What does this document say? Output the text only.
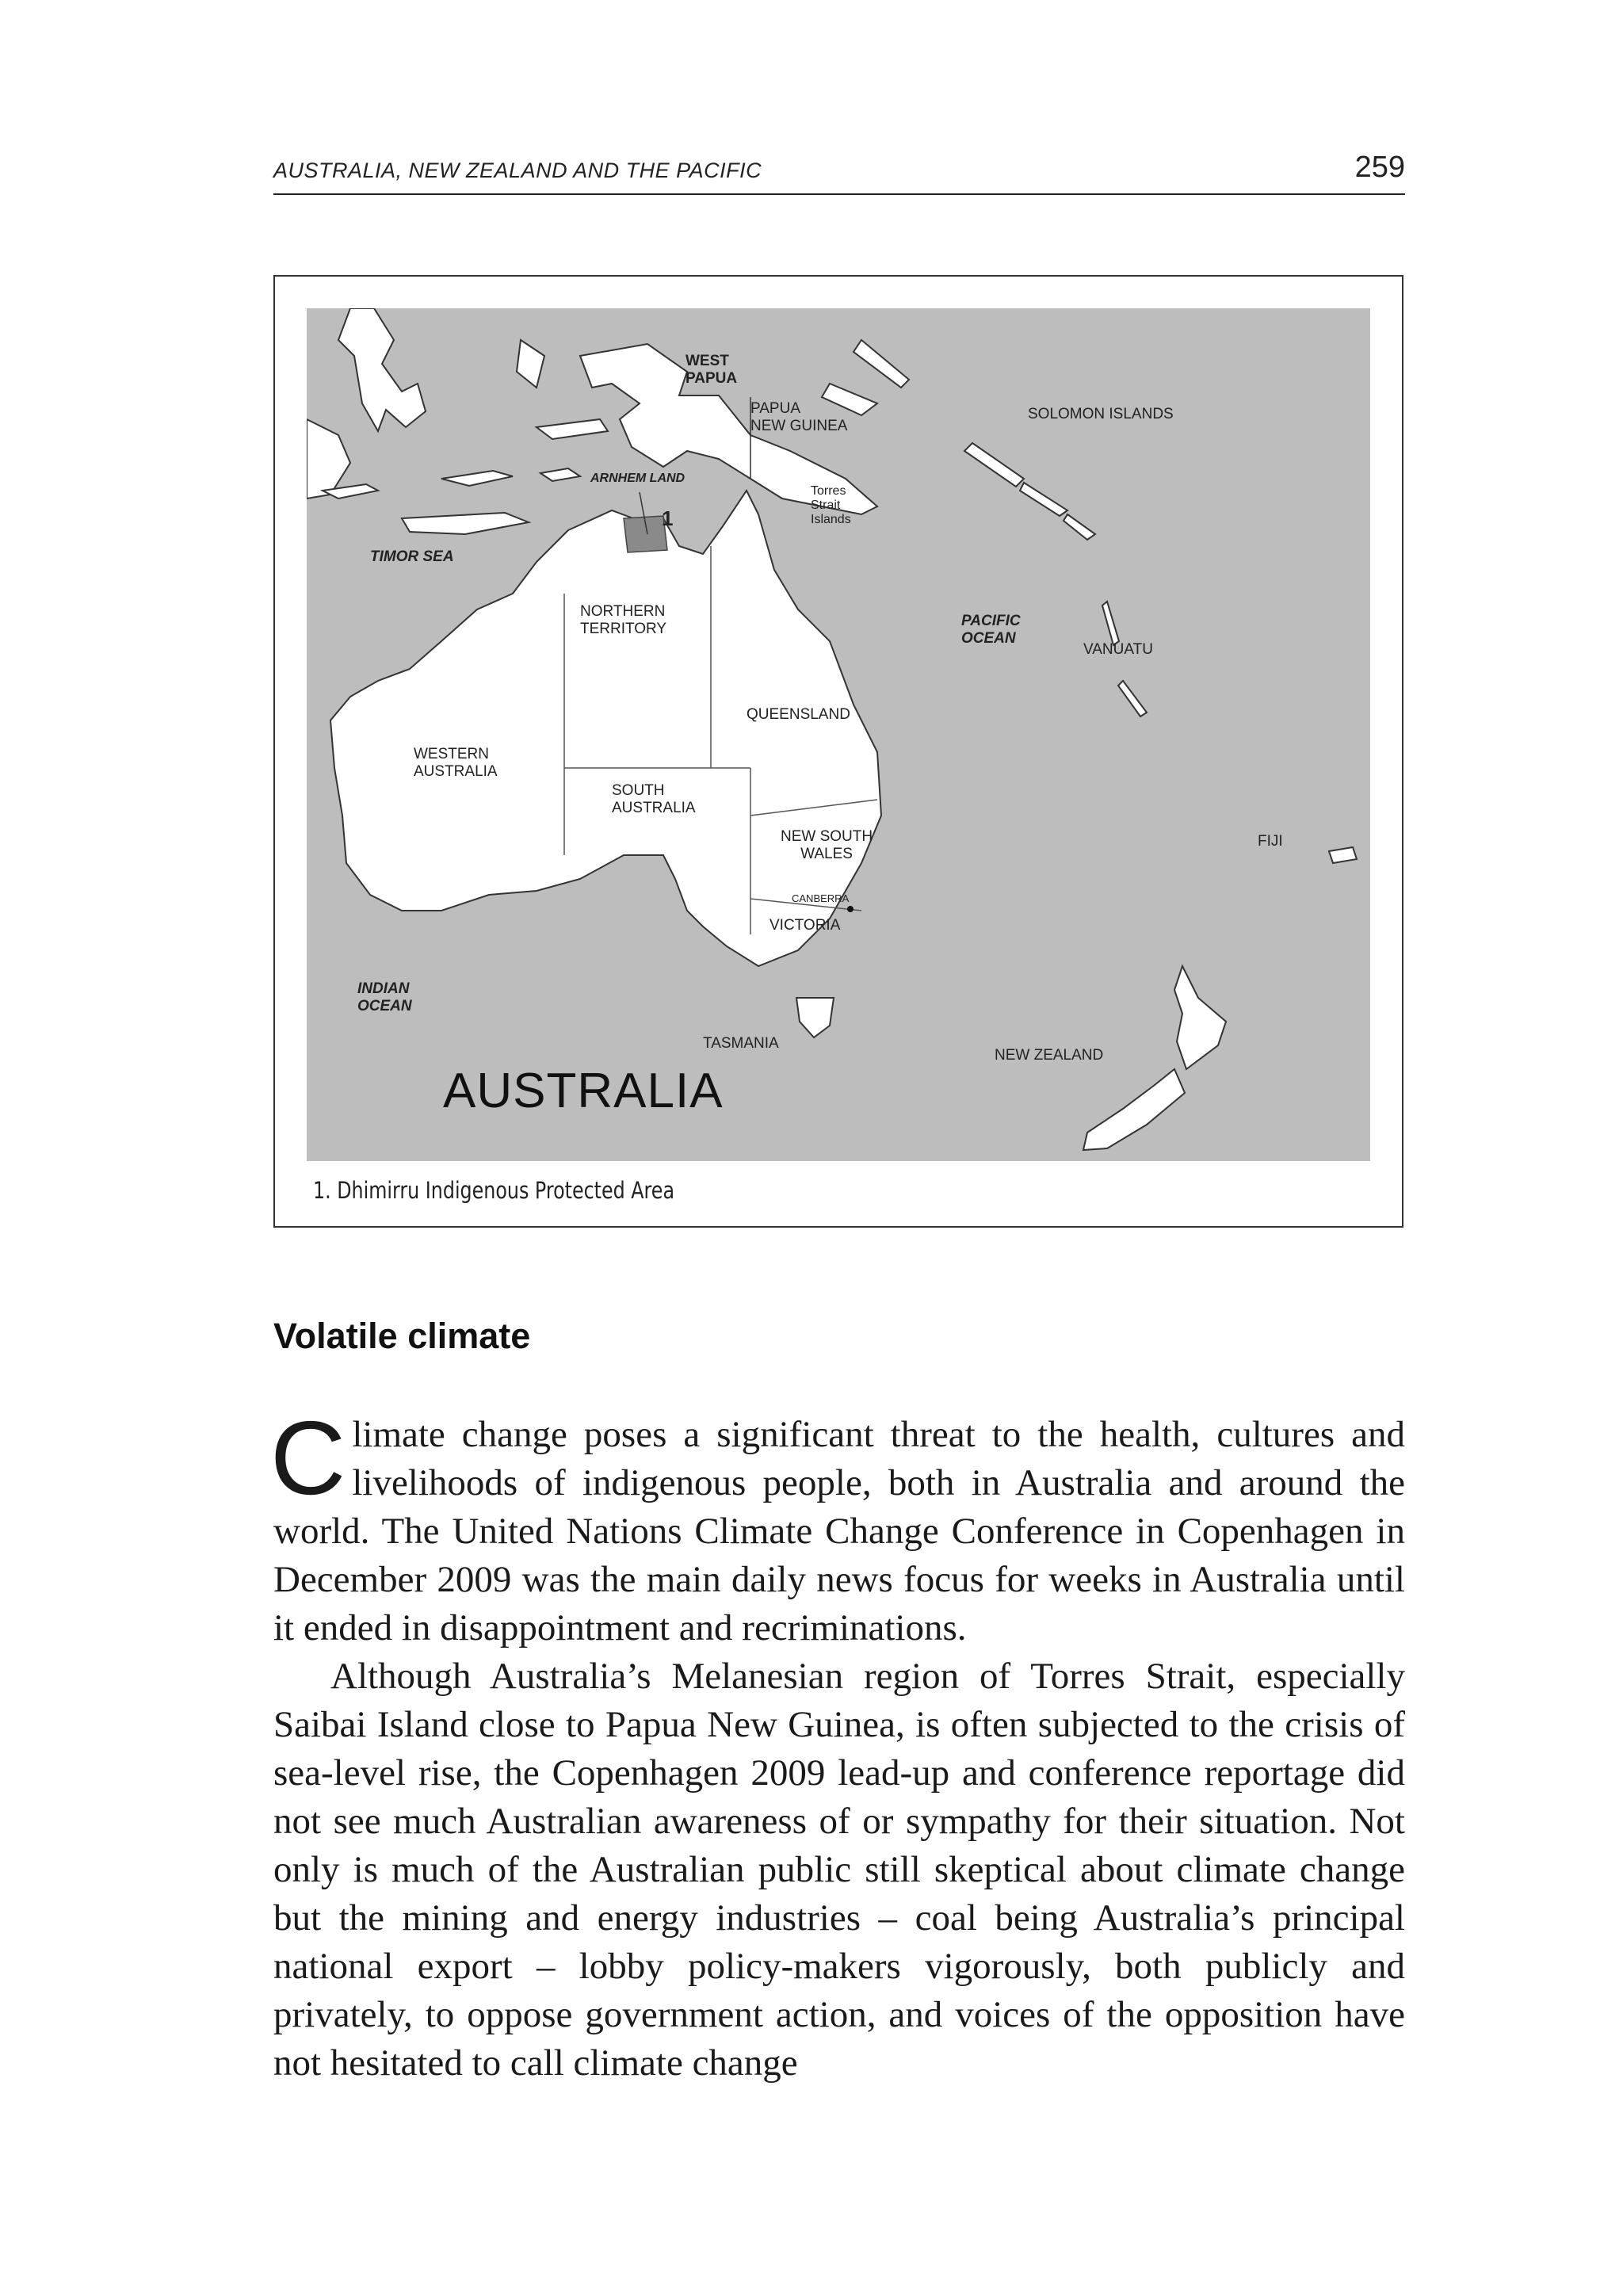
AUSTRALIA, NEW ZEALAND AND THE PACIFIC	259
WEST
PAPUA
PAPUA
NEW GUINEA
SOLOMON ISLANDS
ARNHEM LAND
Torres
Strait
Islands
1
TIMOR SEA
NORTHERN
TERRITORY	PACIFIC
OCEAN
VANUATU
QUEENSLAND
WESTERN
AUSTRALIA
SOUTH
AUSTRALIA
NEW SOUTH
WALES
FIJI
CANBERRA
VICTORIA
INDIAN
OCEAN
TASMANIA
NEW ZEALAND
AUSTRALIA
1. Dhimirru Indigenous Protected Area
Volatile climate

Climate change poses a significant threat to the health, cultures and livelihoods of indigenous people, both in Australia and around the world. The United Nations Climate Change Conference in Copenhagen in December 2009 was the main daily news focus for weeks in Australia until it ended in disappointment and recriminations.

Although Australia’s Melanesian region of Torres Strait, especially Saibai Island close to Papua New Guinea, is often subjected to the crisis of sea-level rise, the Copenhagen 2009 lead-up and conference reportage did not see much Australian awareness of or sympathy for their situation. Not only is much of the Australian public still skeptical about climate change but the mining and energy industries – coal being Australia’s principal national export – lobby policy-makers vigorously, both publicly and privately, to oppose government action, and voices of the opposition have not hesitated to call climate change
